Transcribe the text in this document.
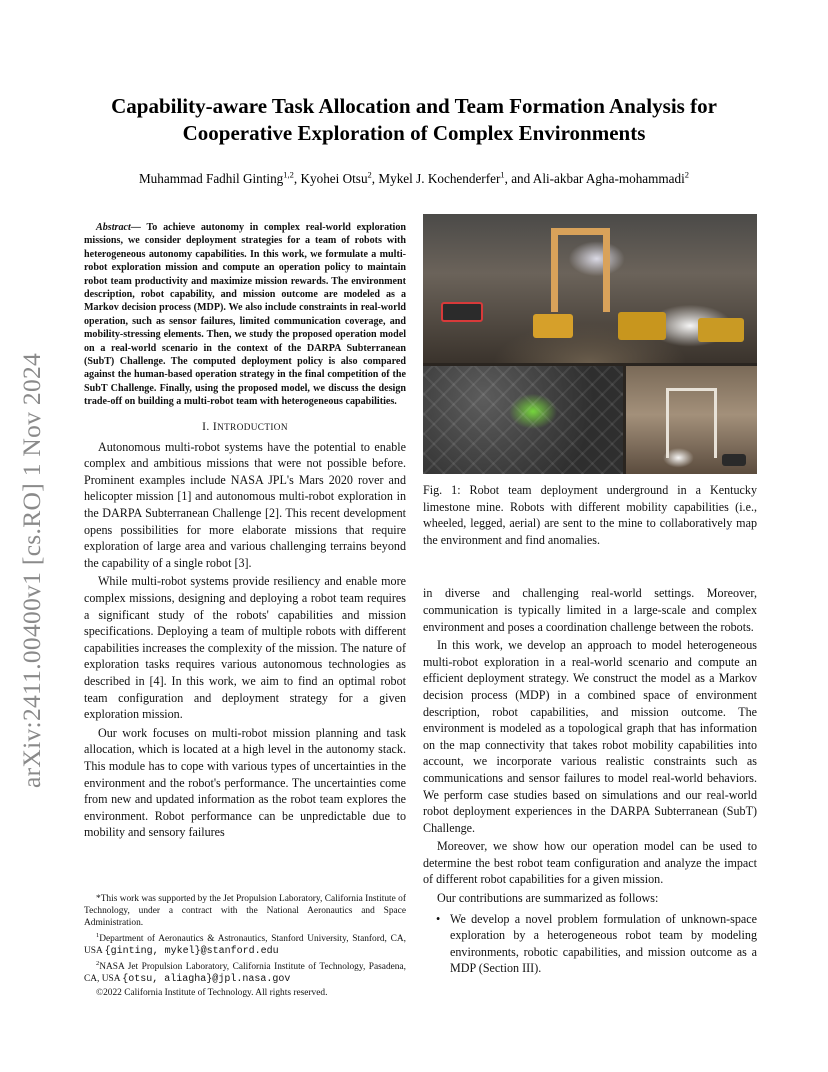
arXiv:2411.00400v1 [cs.RO] 1 Nov 2024
Capability-aware Task Allocation and Team Formation Analysis for Cooperative Exploration of Complex Environments
Muhammad Fadhil Ginting$^{1,2}$, Kyohei Otsu$^2$, Mykel J. Kochenderfer$^1$, and Ali-akbar Agha-mohammadi$^2$

Abstract— To achieve autonomy in complex real-world exploration missions, we consider deployment strategies for a team of robots with heterogeneous autonomy capabilities. In this work, we formulate a multi-robot exploration mission and compute an operation policy to maintain robot team productivity and maximize mission rewards. The environment description, robot capability, and mission outcome are modeled as a Markov decision process (MDP). We also include constraints in real-world operation, such as sensor failures, limited communication coverage, and mobility-stressing elements. Then, we study the proposed operation model on a real-world scenario in the context of the DARPA Subterranean (SubT) Challenge. The computed deployment policy is also compared against the human-based operation strategy in the final competition of the SubT Challenge. Finally, using the proposed model, we discuss the design trade-off on building a multi-robot team with heterogeneous capabilities.

I. INTRODUCTION

Autonomous multi-robot systems have the potential to enable complex and ambitious missions that were not possible before. Prominent examples include NASA JPL's Mars 2020 rover and helicopter mission [1] and autonomous multi-robot exploration in the DARPA Subterranean Challenge [2]. This recent development opens possibilities for more elaborate missions that require exploration of large area and various challenging terrains beyond the capability of a single robot [3].

While multi-robot systems provide resiliency and enable more complex missions, designing and deploying a robot team requires a significant study of the robots' capabilities and mission specifications. Deploying a team of multiple robots with different capabilities increases the complexity of the mission. The nature of exploration tasks requires various autonomous technologies as described in [4]. In this work, we aim to find an optimal robot team configuration and deployment strategy for a given exploration mission.

Our work focuses on multi-robot mission planning and task allocation, which is located at a high level in the autonomy stack. This module has to cope with various types of uncertainties in the environment and the robot's performance. The uncertainties come from new and updated information as the robot team explores the environment. Robot performance can be unpredictable due to mobility and sensory failures

*This work was supported by the Jet Propulsion Laboratory, California Institute of Technology, under a contract with the National Aeronautics and Space Administration.

$^1$Department of Aeronautics & Astronautics, Stanford University, Stanford, CA, USA {ginting, mykel}@stanford.edu

$^2$NASA Jet Propulsion Laboratory, California Institute of Technology, Pasadena, CA, USA {otsu, aliagha}@jpl.nasa.gov

©2022 California Institute of Technology. All rights reserved.

Fig. 1: Robot team deployment underground in a Kentucky limestone mine. Robots with different mobility capabilities (i.e., wheeled, legged, aerial) are sent to the mine to collaboratively map the environment and find anomalies.

in diverse and challenging real-world settings. Moreover, communication is typically limited in a large-scale and complex environment and poses a coordination challenge between the robots.

In this work, we develop an approach to model heterogeneous multi-robot exploration in a real-world scenario and compute an efficient deployment strategy. We construct the model as a Markov decision process (MDP) in a combined space of environment description, robot capabilities, and mission outcome. The environment is modeled as a topological graph that has information on the map connectivity that takes robot mobility capabilities into account, we incorporate various realistic constraints such as communications and sensor failures to model real-world behaviors. We perform case studies based on simulations and our real-world robot deployment experiences in the DARPA Subterranean (SubT) Challenge.

Moreover, we show how our operation model can be used to determine the best robot team configuration and analyze the impact of different robot capabilities for a given mission.

Our contributions are summarized as follows:

• We develop a novel problem formulation of unknown-space exploration by a heterogeneous robot team by modeling environments, robotic capabilities, and mission outcome as a MDP (Section III).
